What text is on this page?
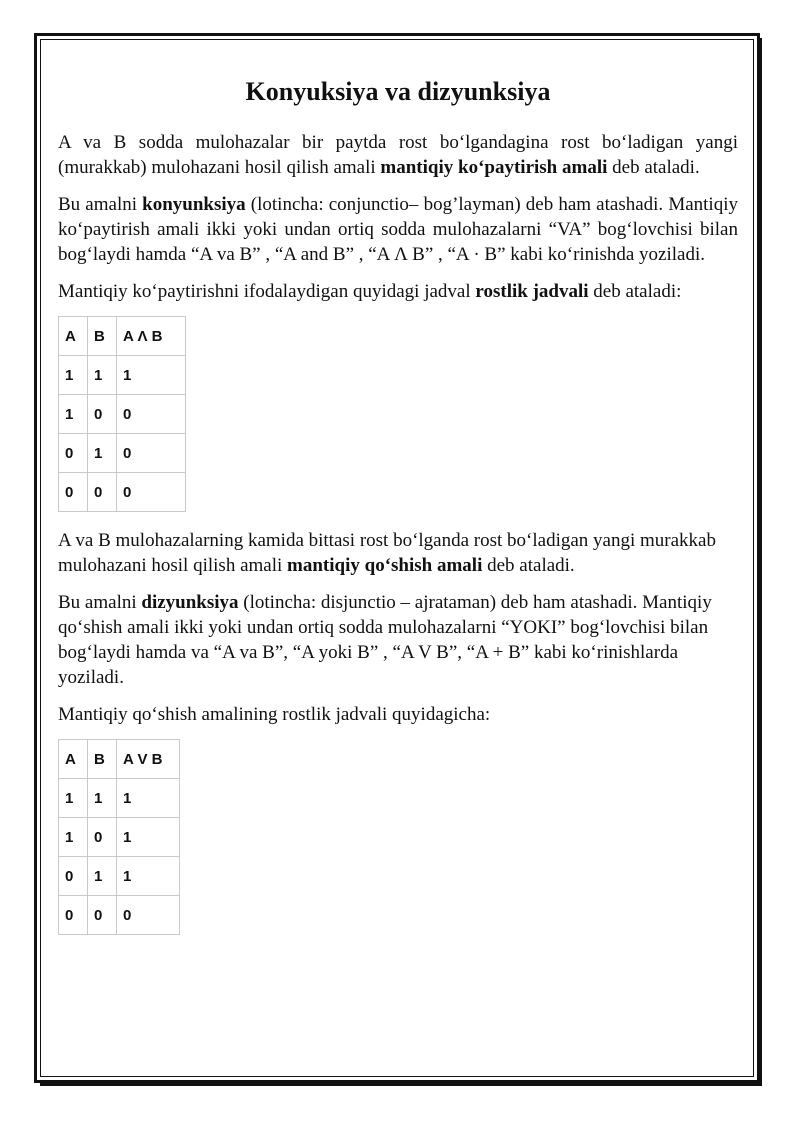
Konyuksiya va dizyunksiya

A va B sodda mulohazalar bir paytda rost bo‘lgandagina rost bo‘ladigan yangi (murakkab) mulohazani hosil qilish amali mantiqiy ko‘paytirish amali deb ataladi.

Bu amalni konyunksiya (lotincha: conjunctio– bog’layman) deb ham atashadi. Mantiqiy ko‘paytirish amali ikki yoki undan ortiq sodda mulohazalarni “VA” bog‘lovchisi bilan bog‘laydi hamda “A va B” , “A and B” , “A Λ B” , “A · B” kabi ko‘rinishda yoziladi.

Mantiqiy ko‘paytirishni ifodalaydigan quyidagi jadval rostlik jadvali deb ataladi:

A	B	A Λ B
1	1	1
1	0	0
0	1	0
0	0	0

A va B mulohazalarning kamida bittasi rost bo‘lganda rost bo‘ladigan yangi murakkab mulohazani hosil qilish amali mantiqiy qo‘shish amali deb ataladi.

Bu amalni dizyunksiya (lotincha: disjunctio – ajrataman) deb ham atashadi. Mantiqiy qo‘shish amali ikki yoki undan ortiq sodda mulohazalarni “YOKI” bog‘lovchisi bilan bog‘laydi hamda va “A va B”, “A yoki B” , “A V B”, “A + B” kabi ko‘rinishlarda yoziladi.

Mantiqiy qo‘shish amalining rostlik jadvali quyidagicha:

A	B	A V B
1	1	1
1	0	1
0	1	1
0	0	0
